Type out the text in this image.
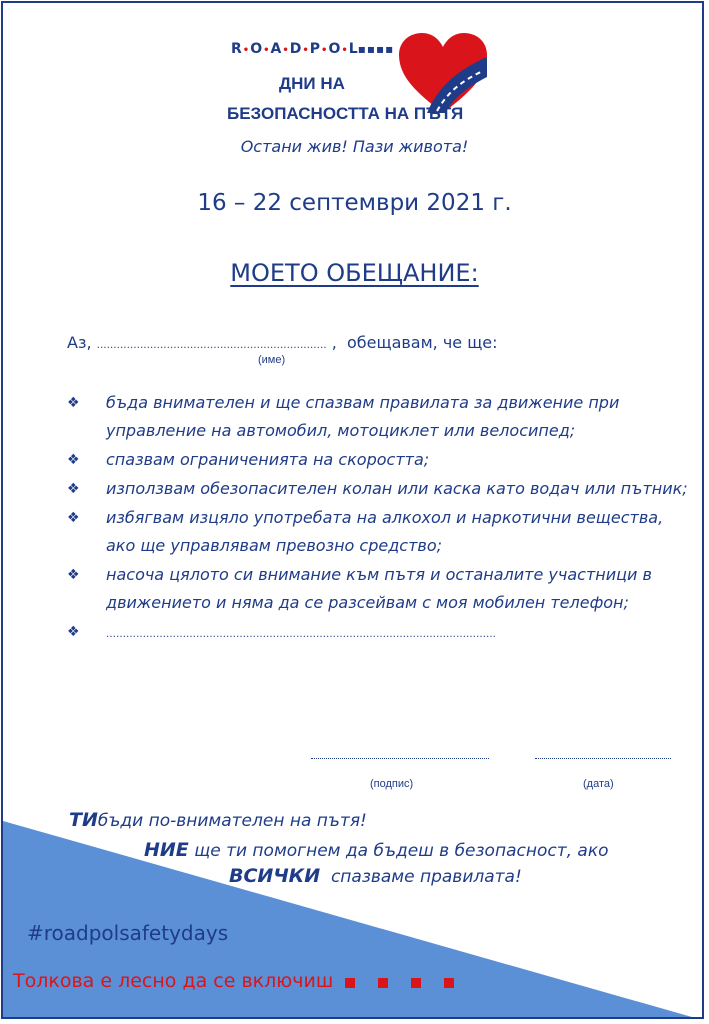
R•O•A•D•P•O•L▪▪▪▪
ДНИ НА
БЕЗОПАСНОСТТА НА ПЪТЯ
Остани жив! Пази живота!
16 – 22 септември 2021 г.
МОЕТО ОБЕЩАНИЕ:
Аз, …………………………………………………………… , обещавам, че ще:
(име)
❖ бъда внимателен и ще спазвам правилата за движение при управление на автомобил, мотоциклет или велосипед;
❖ спазвам ограниченията на скоростта;
❖ използвам обезопасителен колан или каска като водач или пътник;
❖ избягвам изцяло употребата на алкохол и наркотични вещества, ако ще управлявам превозно средство;
❖ насоча цялото си внимание към пътя и останалите участници в движението и няма да се разсейвам с моя мобилен телефон;
❖	………………………………………………………………………………………………………
(подпис)	(дата)
ТИбъди по-внимателен на пътя!
НИЕ ще ти помогнем да бъдеш в безопасност, ако
ВСИЧКИ спазваме правилата!
#roadpolsafetydays
Толкова е лесно да се включиш
